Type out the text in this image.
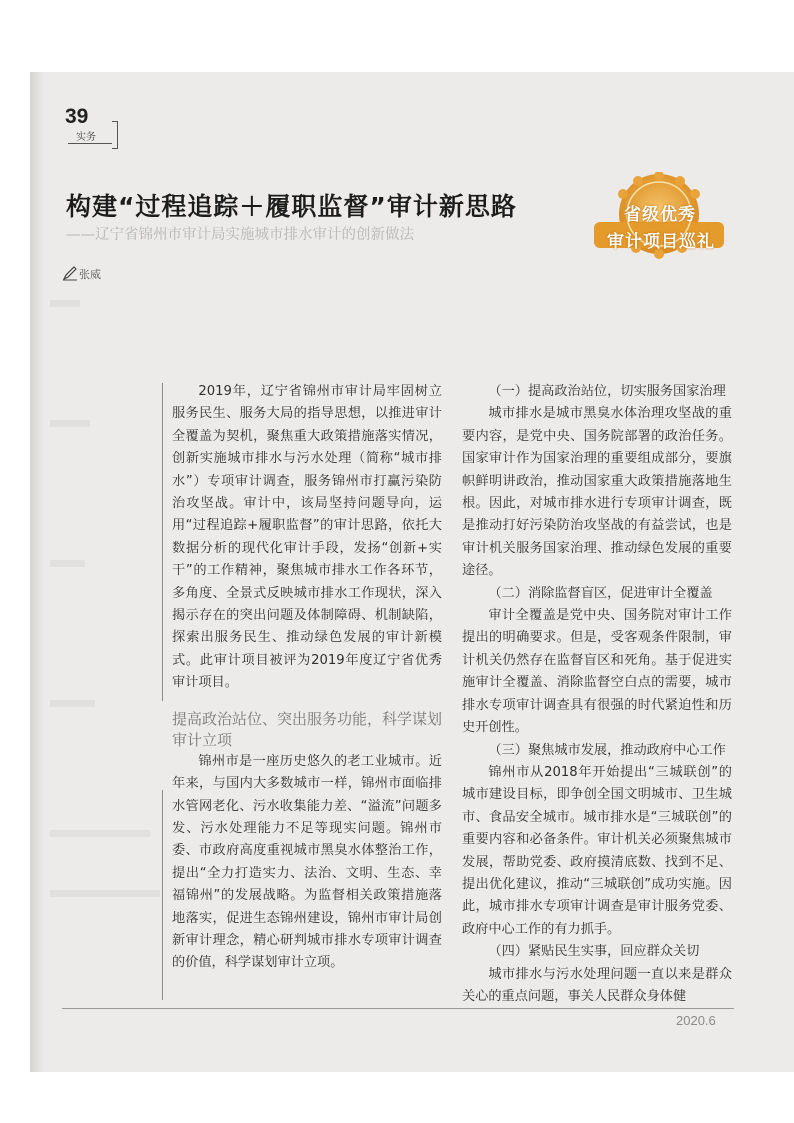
39
实务
构建“过程追踪＋履职监督”审计新思路
——辽宁省锦州市审计局实施城市排水审计的创新做法
张威
省级优秀
审计项目巡礼

2019年，辽宁省锦州市审计局牢固树立服务民生、服务大局的指导思想，以推进审计全覆盖为契机，聚焦重大政策措施落实情况，创新实施城市排水与污水处理（简称“城市排水”）专项审计调查，服务锦州市打赢污染防治攻坚战。审计中，该局坚持问题导向，运用“过程追踪+履职监督”的审计思路，依托大数据分析的现代化审计手段，发扬“创新+实干”的工作精神，聚焦城市排水工作各环节，多角度、全景式反映城市排水工作现状，深入揭示存在的突出问题及体制障碍、机制缺陷，探索出服务民生、推动绿色发展的审计新模式。此审计项目被评为2019年度辽宁省优秀审计项目。

提高政治站位、突出服务功能，科学谋划审计立项

锦州市是一座历史悠久的老工业城市。近年来，与国内大多数城市一样，锦州市面临排水管网老化、污水收集能力差、“溢流”问题多发、污水处理能力不足等现实问题。锦州市委、市政府高度重视城市黑臭水体整治工作，提出“全力打造实力、法治、文明、生态、幸福锦州”的发展战略。为监督相关政策措施落地落实，促进生态锦州建设，锦州市审计局创新审计理念，精心研判城市排水专项审计调查的价值，科学谋划审计立项。

（一）提高政治站位，切实服务国家治理

城市排水是城市黑臭水体治理攻坚战的重要内容，是党中央、国务院部署的政治任务。国家审计作为国家治理的重要组成部分，要旗帜鲜明讲政治，推动国家重大政策措施落地生根。因此，对城市排水进行专项审计调查，既是推动打好污染防治攻坚战的有益尝试，也是审计机关服务国家治理、推动绿色发展的重要途径。

（二）消除监督盲区，促进审计全覆盖

审计全覆盖是党中央、国务院对审计工作提出的明确要求。但是，受客观条件限制，审计机关仍然存在监督盲区和死角。基于促进实施审计全覆盖、消除监督空白点的需要，城市排水专项审计调查具有很强的时代紧迫性和历史开创性。

（三）聚焦城市发展，推动政府中心工作

锦州市从2018年开始提出“三城联创”的城市建设目标，即争创全国文明城市、卫生城市、食品安全城市。城市排水是“三城联创”的重要内容和必备条件。审计机关必须聚焦城市发展，帮助党委、政府摸清底数、找到不足、提出优化建议，推动“三城联创”成功实施。因此，城市排水专项审计调查是审计服务党委、政府中心工作的有力抓手。

（四）紧贴民生实事，回应群众关切

城市排水与污水处理问题一直以来是群众关心的重点问题，事关人民群众身体健

2020.6
